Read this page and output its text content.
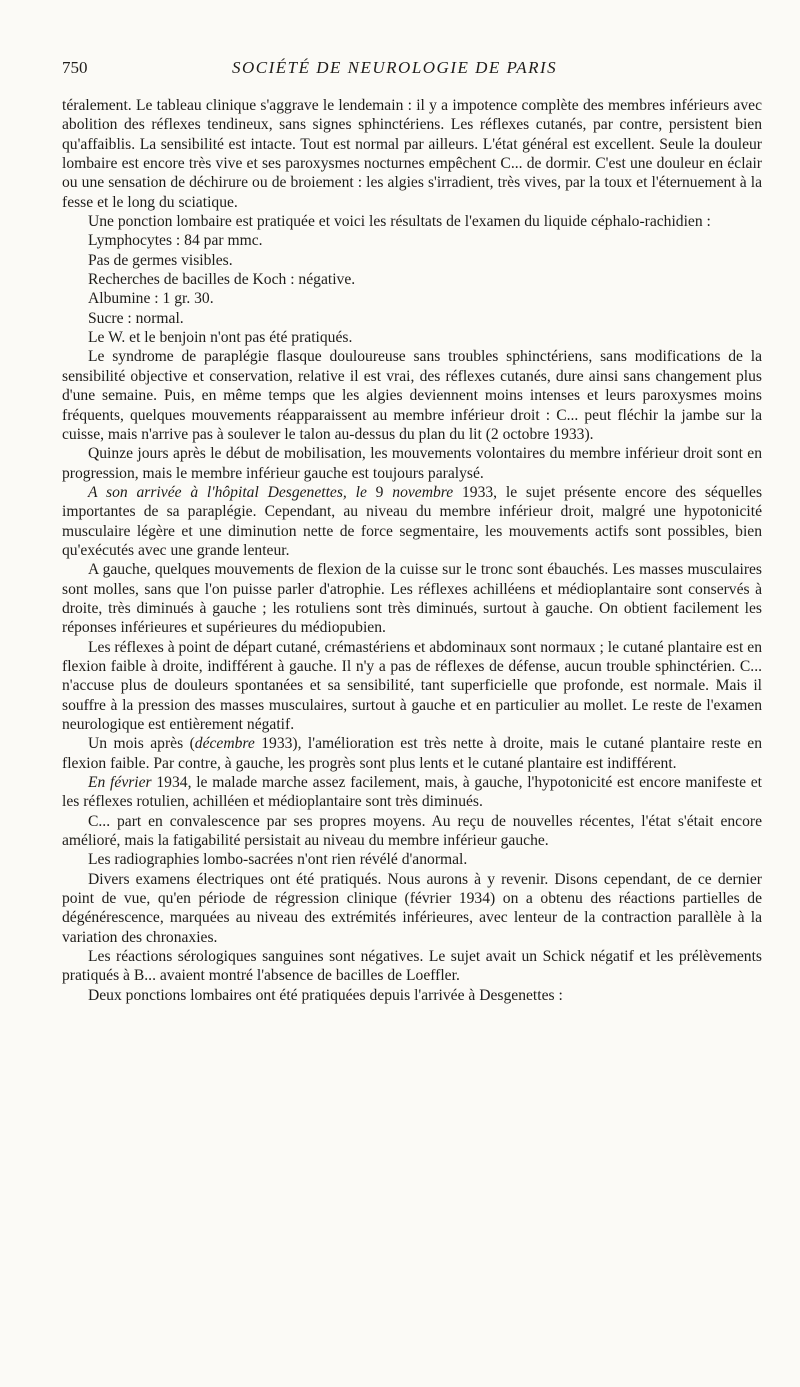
750	SOCIÉTÉ DE NEUROLOGIE DE PARIS

téralement. Le tableau clinique s'aggrave le lendemain : il y a impotence complète des membres inférieurs avec abolition des réflexes tendineux, sans signes sphinctériens. Les réflexes cutanés, par contre, persistent bien qu'affaiblis. La sensibilité est intacte. Tout est normal par ailleurs. L'état général est excellent. Seule la douleur lombaire est encore très vive et ses paroxysmes nocturnes empêchent C... de dormir. C'est une douleur en éclair ou une sensation de déchirure ou de broiement : les algies s'irradient, très vives, par la toux et l'éternuement à la fesse et le long du sciatique.

Une ponction lombaire est pratiquée et voici les résultats de l'examen du liquide céphalo-rachidien :

Lymphocytes : 84 par mmc.

Pas de germes visibles.

Recherches de bacilles de Koch : négative.

Albumine : 1 gr. 30.

Sucre : normal.

Le W. et le benjoin n'ont pas été pratiqués.

Le syndrome de paraplégie flasque douloureuse sans troubles sphinctériens, sans modifications de la sensibilité objective et conservation, relative il est vrai, des réflexes cutanés, dure ainsi sans changement plus d'une semaine. Puis, en même temps que les algies deviennent moins intenses et leurs paroxysmes moins fréquents, quelques mouvements réapparaissent au membre inférieur droit : C... peut fléchir la jambe sur la cuisse, mais n'arrive pas à soulever le talon au-dessus du plan du lit (2 octobre 1933).

Quinze jours après le début de mobilisation, les mouvements volontaires du membre inférieur droit sont en progression, mais le membre inférieur gauche est toujours paralysé.

A son arrivée à l'hôpital Desgenettes, le 9 novembre 1933, le sujet présente encore des séquelles importantes de sa paraplégie. Cependant, au niveau du membre inférieur droit, malgré une hypotonicité musculaire légère et une diminution nette de force segmentaire, les mouvements actifs sont possibles, bien qu'exécutés avec une grande lenteur.

A gauche, quelques mouvements de flexion de la cuisse sur le tronc sont ébauchés. Les masses musculaires sont molles, sans que l'on puisse parler d'atrophie. Les réflexes achilléens et médioplantaire sont conservés à droite, très diminués à gauche ; les rotuliens sont très diminués, surtout à gauche. On obtient facilement les réponses inférieures et supérieures du médiopubien.

Les réflexes à point de départ cutané, crémastériens et abdominaux sont normaux ; le cutané plantaire est en flexion faible à droite, indifférent à gauche. Il n'y a pas de réflexes de défense, aucun trouble sphinctérien. C... n'accuse plus de douleurs spontanées et sa sensibilité, tant superficielle que profonde, est normale. Mais il souffre à la pression des masses musculaires, surtout à gauche et en particulier au mollet. Le reste de l'examen neurologique est entièrement négatif.

Un mois après (décembre 1933), l'amélioration est très nette à droite, mais le cutané plantaire reste en flexion faible. Par contre, à gauche, les progrès sont plus lents et le cutané plantaire est indifférent.

En février 1934, le malade marche assez facilement, mais, à gauche, l'hypotonicité est encore manifeste et les réflexes rotulien, achilléen et médioplantaire sont très diminués.

C... part en convalescence par ses propres moyens. Au reçu de nouvelles récentes, l'état s'était encore amélioré, mais la fatigabilité persistait au niveau du membre inférieur gauche.

Les radiographies lombo-sacrées n'ont rien révélé d'anormal.

Divers examens électriques ont été pratiqués. Nous aurons à y revenir. Disons cependant, de ce dernier point de vue, qu'en période de régression clinique (février 1934) on a obtenu des réactions partielles de dégénérescence, marquées au niveau des extrémités inférieures, avec lenteur de la contraction parallèle à la variation des chronaxies.

Les réactions sérologiques sanguines sont négatives. Le sujet avait un Schick négatif et les prélèvements pratiqués à B... avaient montré l'absence de bacilles de Loeffler.

Deux ponctions lombaires ont été pratiquées depuis l'arrivée à Desgenettes :
